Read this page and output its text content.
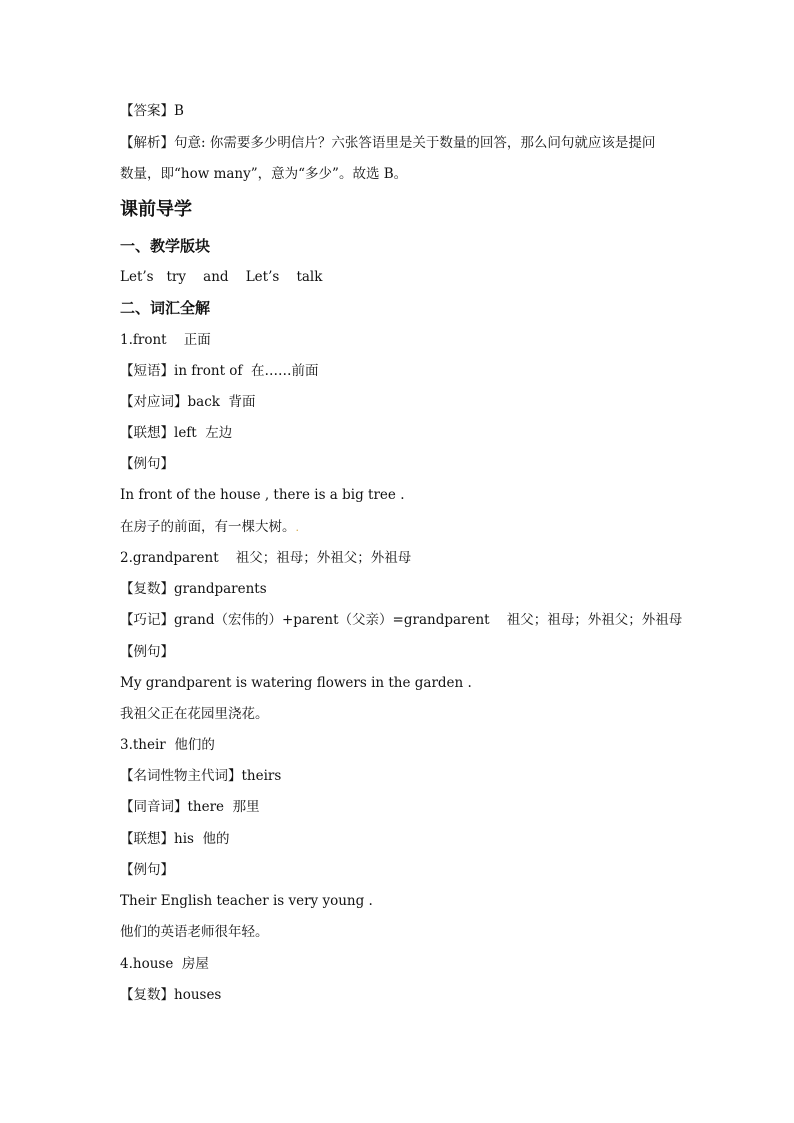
【答案】B
【解析】句意: 你需要多少明信片？六张答语里是关于数量的回答，那么问句就应该是提问
数量，即“how many”，意为“多少”。故选 B。
课前导学
一、教学版块
Let’s   try    and    Let’s    talk
二、词汇全解
1.front    正面
【短语】in front of  在……前面
【对应词】back  背面
【联想】left  左边
【例句】
In front of the house , there is a big tree .
在房子的前面，有一棵大树。.
2.grandparent    祖父；祖母；外祖父；外祖母
【复数】grandparents
【巧记】grand（宏伟的）+parent（父亲）=grandparent    祖父；祖母；外祖父；外祖母
【例句】
My grandparent is watering flowers in the garden .
我祖父正在花园里浇花。
3.their  他们的
【名词性物主代词】theirs
【同音词】there  那里
【联想】his  他的
【例句】
Their English teacher is very young .
他们的英语老师很年轻。
4.house  房屋
【复数】houses
